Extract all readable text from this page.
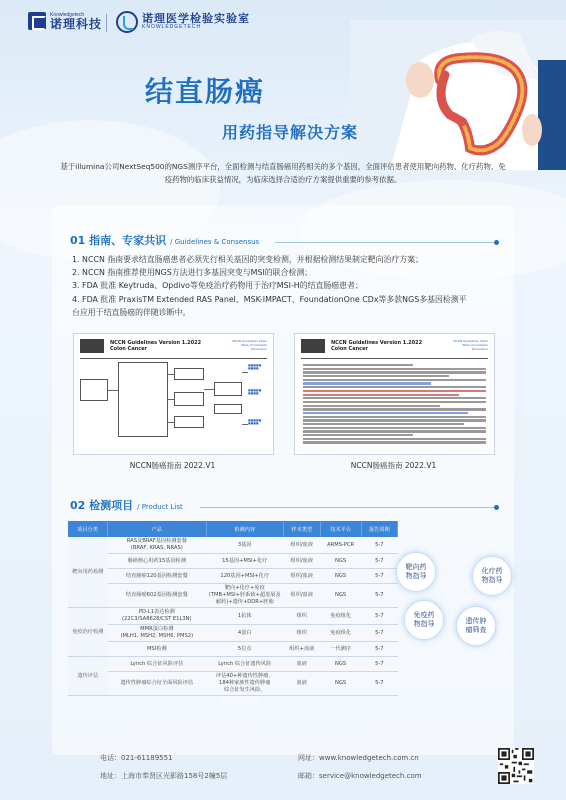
Knowledgetech
诺理科技	诺理医学检验实验室
KNOWLEDGETECH
结直肠癌
用药指导解决方案
基于illumina公司NextSeq500的NGS测序平台，全面检测与结直肠癌用药相关的多个基因，全面评估患者使用靶向药物、化疗药物、免疫药物的临床获益情况，为临床选择合适治疗方案提供重要的参考依据。
01 指南、专家共识 / Guidelines & Consensus

1. NCCN 指南要求结直肠癌患者必须先行相关基因的突变检测，并根据检测结果制定靶向治疗方案；

2. NCCN 指南推荐使用NGS方法进行多基因突变与MSI的联合检测；

3. FDA 批准 Keytruda、Opdivo等免疫治疗药物用于治疗MSI-H的结直肠癌患者；

4. FDA 批准 PraxisTM Extended RAS Panel、MSK-IMPACT、FoundationOne CDx等多款NGS多基因检测平台应用于结直肠癌的伴随诊断中。

NCCN Guidelines Version 1.2022
Colon Cancer
NCCN Guidelines Index
Table of Contents
Discussion
■■■■■
■■■■
■■■■■
■■■■
■■■■■
■■■■
NCCN肠癌指南 2022.V1
NCCN Guidelines Version 1.2022
Colon Cancer
NCCN Guidelines Index
Table of Contents
Discussion
NCCN肠癌指南 2022.V1
02 检测项目 / Product List
项目分类	产品	检测内容	样本类型	技术平台	报告周期
靶向用药检测	RAS及BRAF基因检测套餐
(BRAF, KRAS, NRAS)	3基因	组织/血液	ARMS-PCR	5-7
	肠癌核心用药15基因检测	15基因+MSI+化疗	组织/血液	NGS	5-7
	结直肠癌120基因检测套餐	120基因+MSI+化疗	组织/血液	NGS	5-7
	结直肠癌602基因检测套餐	靶向+化疗+免疫
(TMB+MSI+胚系致+超进展及
耐药)+遗传+DDR+胚胎	组织/血液	NGS	5-7
免疫治疗检测	PD-L1表达检测
(22C3/SA8628/CST E1L3N)	1抗体	组织	免疫组化	5-7
	MMR蛋白检测
(MLH1, MSH2, MSH6, PMS2)	4蛋白	组织	免疫组化	5-7
	MSI检测	5位点	组织+血液	一代测序	5-7
遗传评估	Lynch 综合征风险评估	Lynch 综合征遗传风险	血液	NGS	5-7
	遗传性肿瘤综合征全面风险评估	评估40+种遗传性肿瘤，
184种家族性遗传肿瘤
综合征发生风险。	血液	NGS	5-7
靶向药物指导
化疗药物指导
免疫药物指导	遗传肿瘤筛查
电话：021-61189551
地址：上海市奉贤区光影路158号2幢5层
网址：www.knowledgetech.com.cn
邮箱：service@knowledgetech.com
